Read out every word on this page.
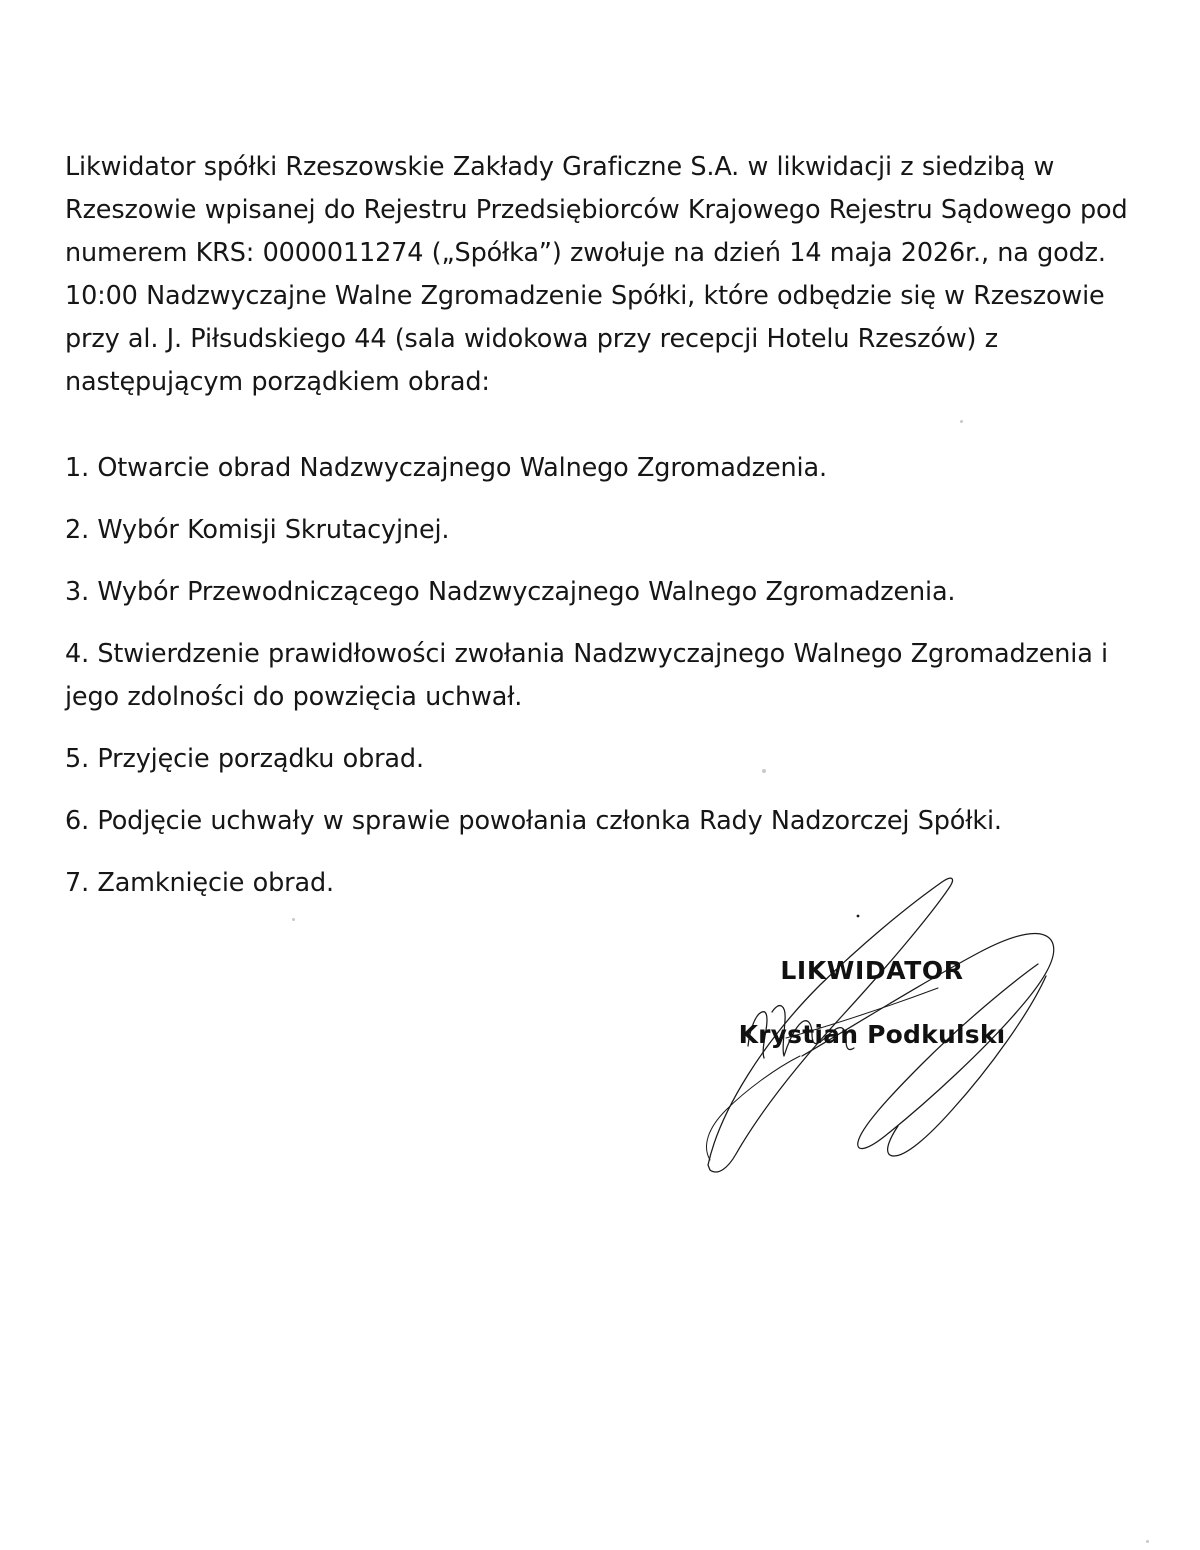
Likwidator spółki Rzeszowskie Zakłady Graficzne S.A. w likwidacji z siedzibą w Rzeszowie wpisanej do Rejestru Przedsiębiorców Krajowego Rejestru Sądowego pod numerem KRS: 0000011274 („Spółka”) zwołuje na dzień 14 maja 2026r., na godz. 10:00 Nadzwyczajne Walne Zgromadzenie Spółki, które odbędzie się w Rzeszowie przy al. J. Piłsudskiego 44 (sala widokowa przy recepcji Hotelu Rzeszów) z następującym porządkiem obrad:

1. Otwarcie obrad Nadzwyczajnego Walnego Zgromadzenia.
2. Wybór Komisji Skrutacyjnej.
3. Wybór Przewodniczącego Nadzwyczajnego Walnego Zgromadzenia.
4. Stwierdzenie prawidłowości zwołania Nadzwyczajnego Walnego Zgromadzenia i jego zdolności do powzięcia uchwał.
5. Przyjęcie porządku obrad.
6. Podjęcie uchwały w sprawie powołania członka Rady Nadzorczej Spółki.
7. Zamknięcie obrad.
LIKWIDATOR
Krystian Podkulskı
